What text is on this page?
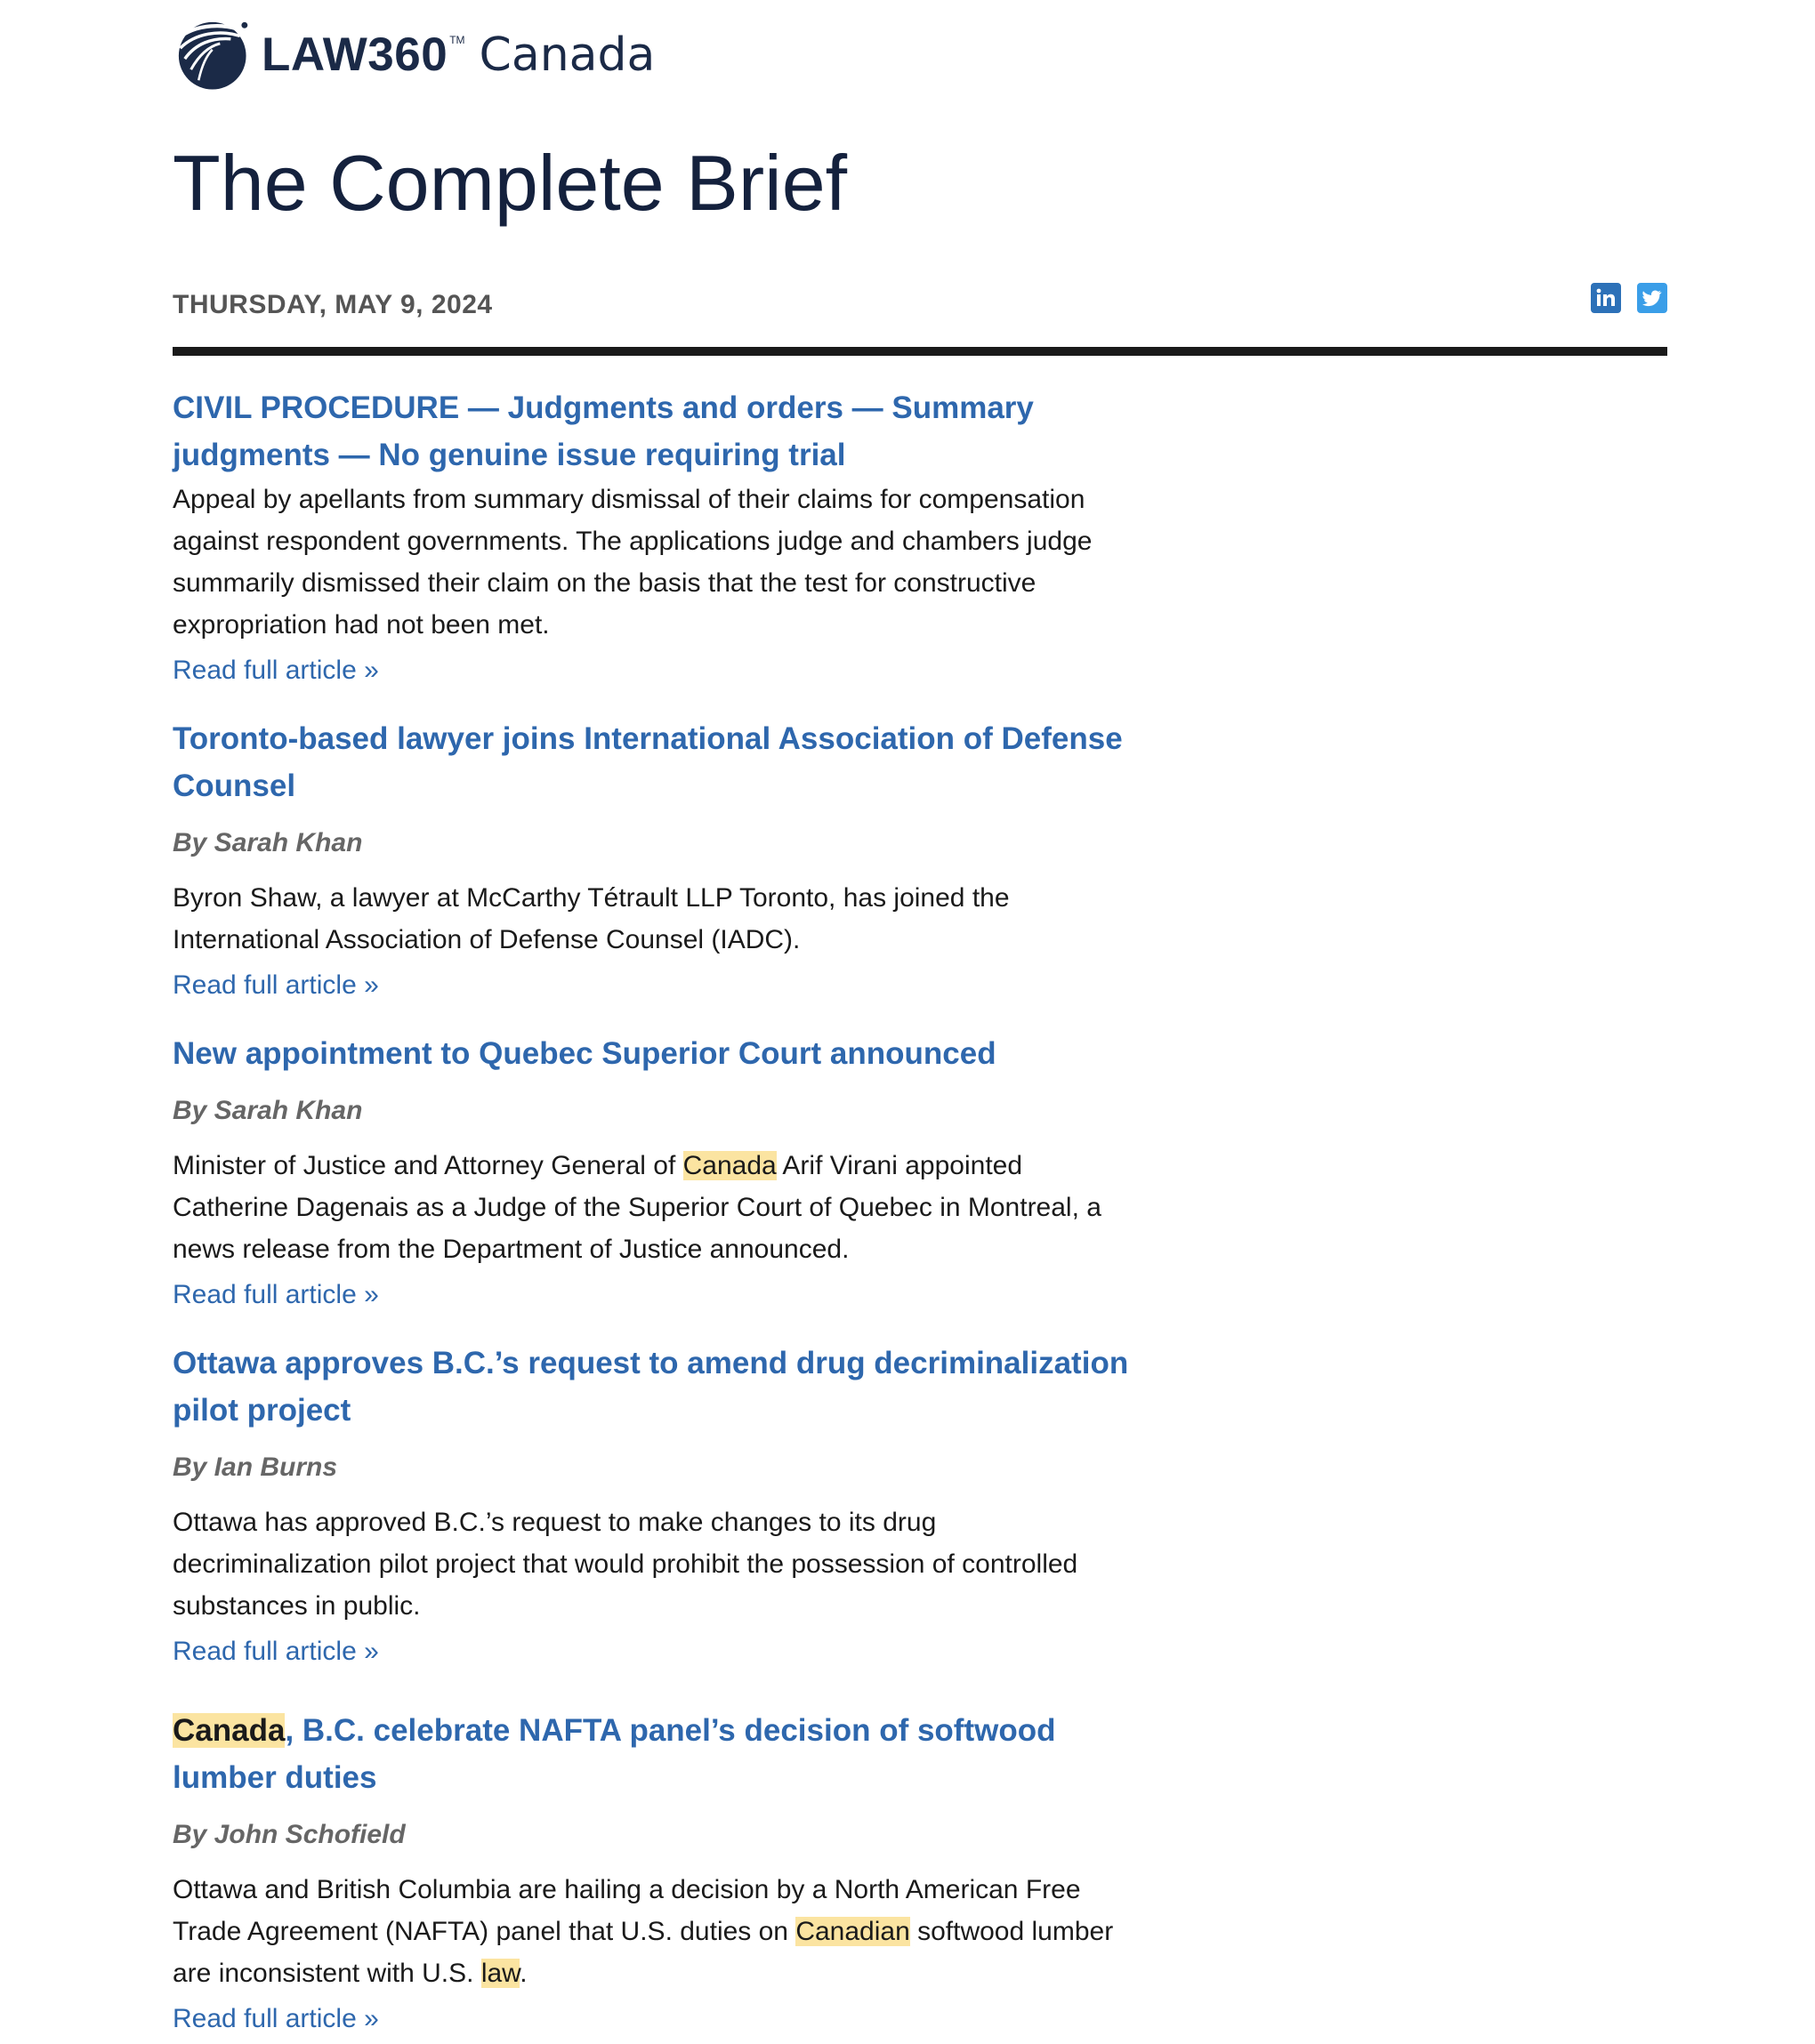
LAW360 TM Canada
The Complete Brief
THURSDAY, MAY 9, 2024
CIVIL PROCEDURE — Judgments and orders — Summary judgments — No genuine issue requiring trial

Appeal by apellants from summary dismissal of their claims for compensation against respondent governments. The applications judge and chambers judge summarily dismissed their claim on the basis that the test for constructive expropriation had not been met.

Read full article »
Toronto-based lawyer joins International Association of Defense Counsel

By Sarah Khan

Byron Shaw, a lawyer at McCarthy Tétrault LLP Toronto, has joined the International Association of Defense Counsel (IADC).

Read full article »
New appointment to Quebec Superior Court announced

By Sarah Khan

Minister of Justice and Attorney General of Canada Arif Virani appointed Catherine Dagenais as a Judge of the Superior Court of Quebec in Montreal, a news release from the Department of Justice announced.

Read full article »
Ottawa approves B.C.’s request to amend drug decriminalization pilot project

By Ian Burns

Ottawa has approved B.C.’s request to make changes to its drug decriminalization pilot project that would prohibit the possession of controlled substances in public.

Read full article »
Canada, B.C. celebrate NAFTA panel’s decision of softwood lumber duties

By John Schofield

Ottawa and British Columbia are hailing a decision by a North American Free Trade Agreement (NAFTA) panel that U.S. duties on Canadian softwood lumber are inconsistent with U.S. law.

Read full article »
